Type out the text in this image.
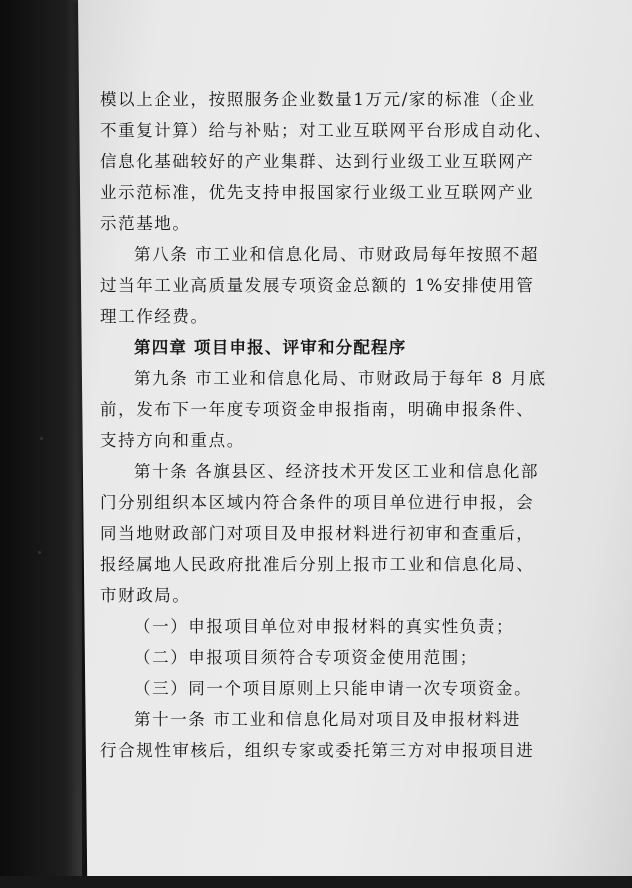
模以上企业，按照服务企业数量1万元/家的标准（企业
不重复计算）给与补贴；对工业互联网平台形成自动化、
信息化基础较好的产业集群、达到行业级工业互联网产
业示范标准，优先支持申报国家行业级工业互联网产业
示范基地。
第八条 市工业和信息化局、市财政局每年按照不超
过当年工业高质量发展专项资金总额的 1%安排使用管
理工作经费。
第四章 项目申报、评审和分配程序
第九条 市工业和信息化局、市财政局于每年 8 月底
前，发布下一年度专项资金申报指南，明确申报条件、
支持方向和重点。
第十条 各旗县区、经济技术开发区工业和信息化部
门分别组织本区域内符合条件的项目单位进行申报，会
同当地财政部门对项目及申报材料进行初审和查重后，
报经属地人民政府批准后分别上报市工业和信息化局、
市财政局。
（一）申报项目单位对申报材料的真实性负责；
（二）申报项目须符合专项资金使用范围；
（三）同一个项目原则上只能申请一次专项资金。
第十一条 市工业和信息化局对项目及申报材料进
行合规性审核后，组织专家或委托第三方对申报项目进
